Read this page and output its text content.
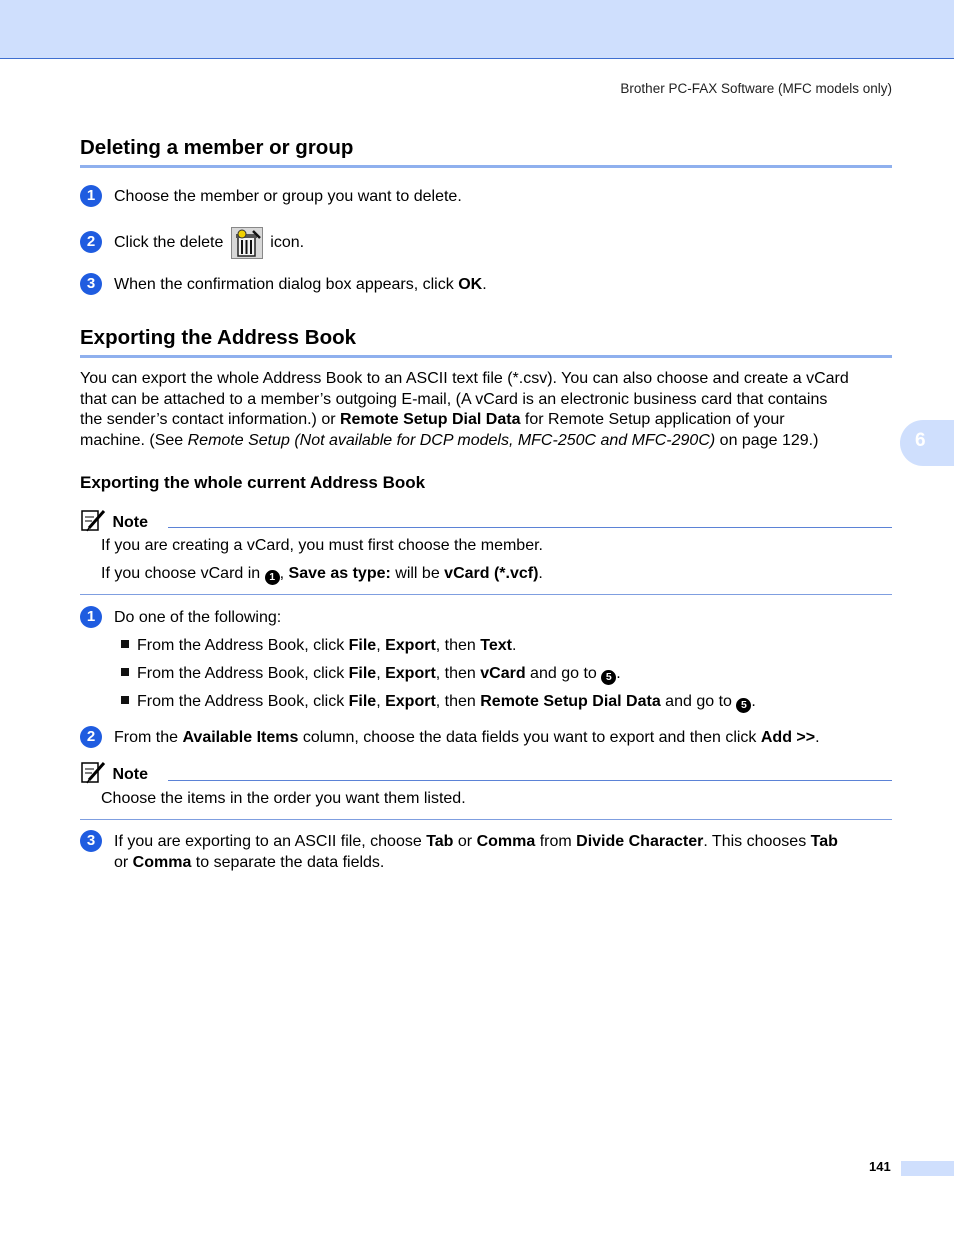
Brother PC-FAX Software (MFC models only)
6
Deleting a member or group
1	Choose the member or group you want to delete.
2	Click the delete	icon.
3	When the confirmation dialog box appears, click OK.
Exporting the Address Book
You can export the whole Address Book to an ASCII text file (*.csv). You can also choose and create a vCard
that can be attached to a member’s outgoing E-mail, (A vCard is an electronic business card that contains
the sender’s contact information.) or Remote Setup Dial Data for Remote Setup application of your
machine. (See Remote Setup (Not available for DCP models, MFC-250C and MFC-290C) on page 129.)
Exporting the whole current Address Book
Note
If you are creating a vCard, you must first choose the member.
If you choose vCard in 1 , Save as type: will be vCard (*.vcf).
1	Do one of the following:
From the Address Book, click File, Export, then Text.
From the Address Book, click File, Export, then vCard and go to 5 .
From the Address Book, click File, Export, then Remote Setup Dial Data and go to 5 .
2	From the Available Items column, choose the data fields you want to export and then click Add >>.
Note
Choose the items in the order you want them listed.
3	If you are exporting to an ASCII file, choose Tab or Comma from Divide Character. This chooses Tab
or Comma to separate the data fields.
141
